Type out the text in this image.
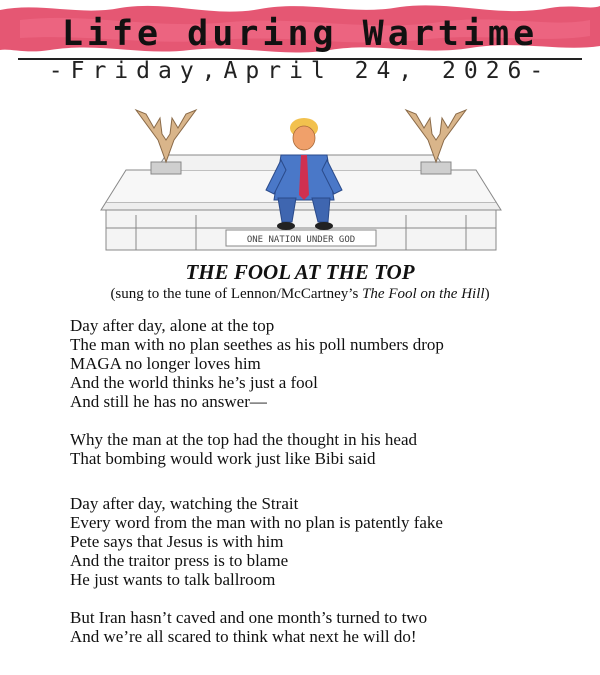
Life during Wartime
-Friday,April 24, 2026-
ONE NATION UNDER GOD
THE FOOL AT THE TOP
(sung to the tune of Lennon/McCartney’s The Fool on the Hill)
Day after day, alone at the top
The man with no plan seethes as his poll numbers drop
MAGA no longer loves him
And the world thinks he’s just a fool
And still he has no answer—
Why the man at the top had the thought in his head
That bombing would work just like Bibi said
Day after day, watching the Strait
Every word from the man with no plan is patently fake
Pete says that Jesus is with him
And the traitor press is to blame
He just wants to talk ballroom
But Iran hasn’t caved and one month’s turned to two
And we’re all scared to think what next he will do!
